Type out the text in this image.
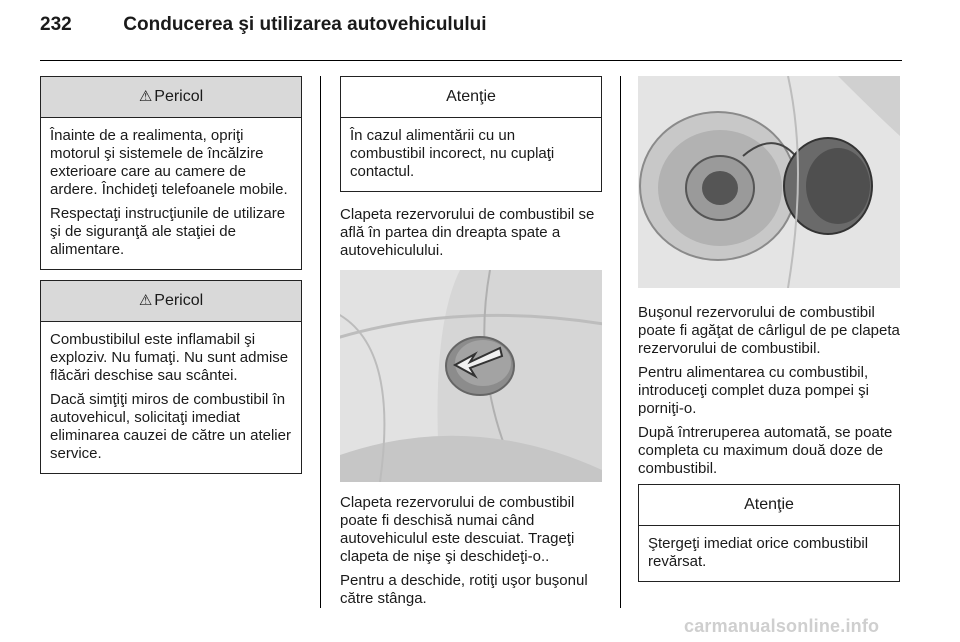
232	Conducerea şi utilizarea autovehiculului
⚠ Pericol

Înainte de a realimenta, opriţi motorul şi sistemele de încălzire exterioare care au camere de ardere. Închideţi telefoanele mobile.

Respectaţi instrucţiunile de utilizare şi de siguranţă ale staţiei de alimentare.

⚠ Pericol

Combustibilul este inflamabil şi exploziv. Nu fumaţi. Nu sunt admise flăcări deschise sau scântei.

Dacă simţiţi miros de combustibil în autovehicul, solicitaţi imediat eliminarea cauzei de către un atelier service.

Atenţie

În cazul alimentării cu un combustibil incorect, nu cuplaţi contactul.

Clapeta rezervorului de combustibil se află în partea din dreapta spate a autovehiculului.

Clapeta rezervorului de combustibil poate fi deschisă numai când autovehiculul este descuiat. Trageţi clapeta de nişe şi deschideţi-o..

Pentru a deschide, rotiţi uşor buşonul către stânga.

Buşonul rezervorului de combustibil poate fi agăţat de cârligul de pe clapeta rezervorului de combustibil.

Pentru alimentarea cu combustibil, introduceţi complet duza pompei şi porniţi-o.

După întreruperea automată, se poate completa cu maximum două doze de combustibil.

Atenţie

Ştergeţi imediat orice combustibil revărsat.

carmanualsonline.info
